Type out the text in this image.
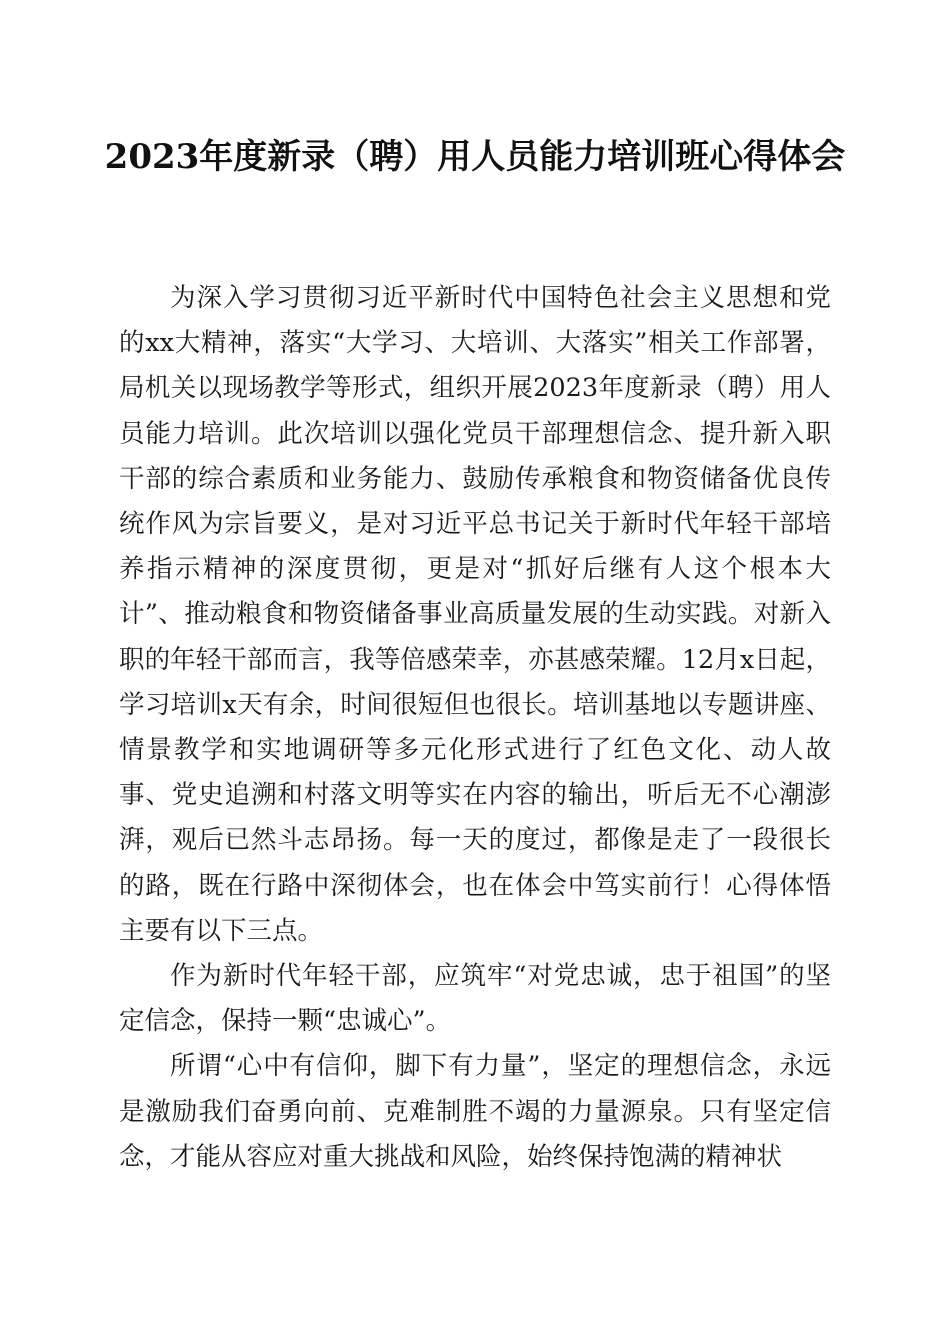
2023年度新录（聘）用人员能力培训班心得体会

为深入学习贯彻习近平新时代中国特色社会主义思想和党的xx大精神，落实“大学习、大培训、大落实”相关工作部署，局机关以现场教学等形式，组织开展2023年度新录（聘）用人员能力培训。此次培训以强化党员干部理想信念、提升新入职干部的综合素质和业务能力、鼓励传承粮食和物资储备优良传统作风为宗旨要义，是对习近平总书记关于新时代年轻干部培养指示精神的深度贯彻，更是对“抓好后继有人这个根本大计”、推动粮食和物资储备事业高质量发展的生动实践。对新入职的年轻干部而言，我等倍感荣幸，亦甚感荣耀。12月x日起，学习培训x天有余，时间很短但也很长。培训基地以专题讲座、情景教学和实地调研等多元化形式进行了红色文化、动人故事、党史追溯和村落文明等实在内容的输出，听后无不心潮澎湃，观后已然斗志昂扬。每一天的度过，都像是走了一段很长的路，既在行路中深彻体会，也在体会中笃实前行！心得体悟主要有以下三点。

作为新时代年轻干部，应筑牢“对党忠诚，忠于祖国”的坚定信念，保持一颗“忠诚心”。

所谓“心中有信仰，脚下有力量”，坚定的理想信念，永远是激励我们奋勇向前、克难制胜不竭的力量源泉。只有坚定信念，才能从容应对重大挑战和风险，始终保持饱满的精神状
